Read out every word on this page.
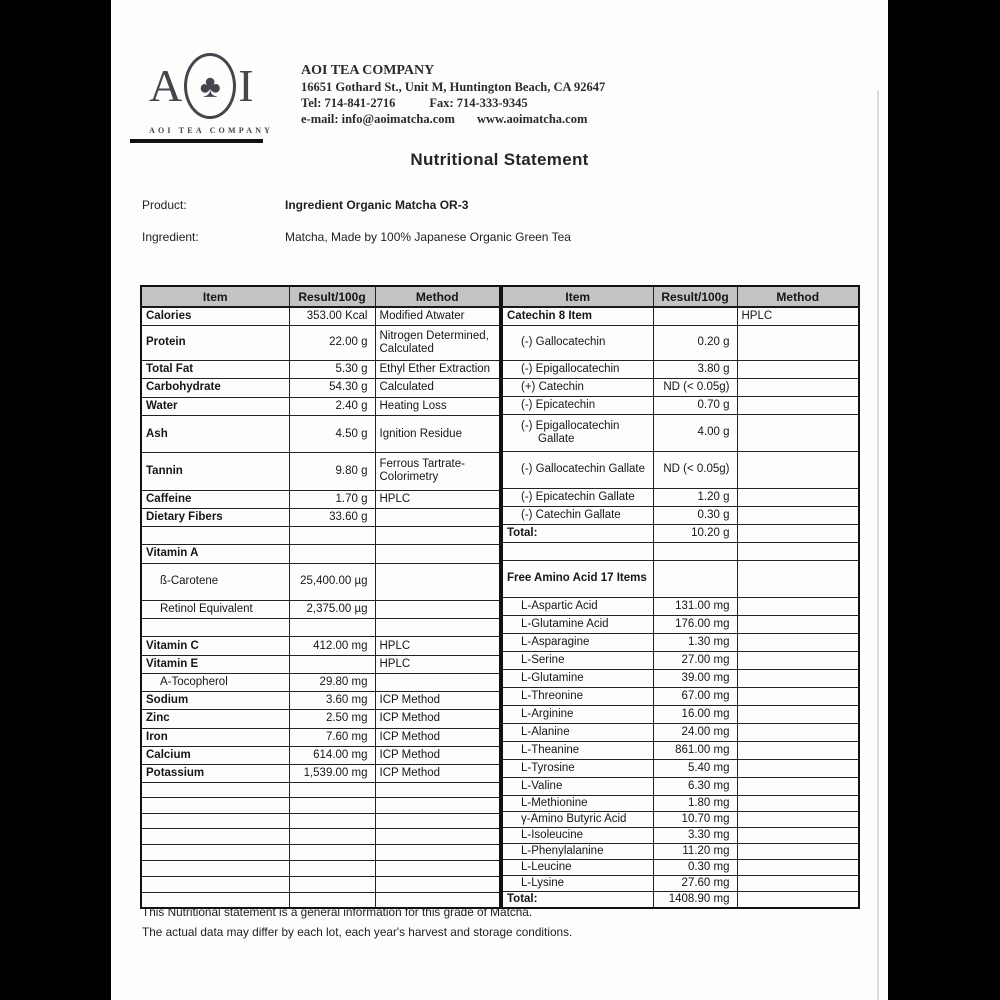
A ♣ I
AOI TEA COMPANY
AOI TEA COMPANY
16651 Gothard St., Unit M, Huntington Beach, CA 92647
Tel: 714-841-2716	Fax: 714-333-9345
e-mail: info@aoimatcha.com www.aoimatcha.com
Nutritional Statement
Product:	Ingredient Organic Matcha OR-3
Ingredient:	Matcha, Made by 100% Japanese Organic Green Tea
Item	Result/100g	Method
Calories	353.00 Kcal	Modified Atwater
Protein	22.00 g	Nitrogen Determined, Calculated
Total Fat	5.30 g	Ethyl Ether Extraction
Carbohydrate	54.30 g	Calculated
Water	2.40 g	Heating Loss
Ash	4.50 g	Ignition Residue
Tannin	9.80 g	Ferrous Tartrate-Colorimetry
Caffeine	1.70 g	HPLC
Dietary Fibers	33.60 g	

Vitamin A		
ß-Carotene	25,400.00 µg	
Retinol Equivalent	2,375.00 µg	

Vitamin C	412.00 mg	HPLC
Vitamin E		HPLC
A-Tocopherol	29.80 mg	
Sodium	3.60 mg	ICP Method
Zinc	2.50 mg	ICP Method
Iron	7.60 mg	ICP Method
Calcium	614.00 mg	ICP Method
Potassium	1,539.00 mg	ICP Method

Item	Result/100g	Method
Catechin 8 Item		HPLC
(-) Gallocatechin	0.20 g	
(-) Epigallocatechin	3.80 g	
(+) Catechin	ND (< 0.05g)	
(-) Epicatechin	0.70 g	
(-) Epigallocatechin Gallate	4.00 g	
(-) Gallocatechin Gallate	ND (< 0.05g)	
(-) Epicatechin Gallate	1.20 g	
(-) Catechin Gallate	0.30 g	
Total:	10.20 g	

Free Amino Acid 17 Items		
L-Aspartic Acid	131.00 mg	
L-Glutamine Acid	176.00 mg	
L-Asparagine	1.30 mg	
L-Serine	27.00 mg	
L-Glutamine	39.00 mg	
L-Threonine	67.00 mg	
L-Arginine	16.00 mg	
L-Alanine	24.00 mg	
L-Theanine	861.00 mg	
L-Tyrosine	5.40 mg	
L-Valine	6.30 mg	
L-Methionine	1.80 mg	
γ-Amino Butyric Acid	10.70 mg	
L-Isoleucine	3.30 mg	
L-Phenylalanine	11.20 mg	
L-Leucine	0.30 mg	
L-Lysine	27.60 mg	
Total:	1408.90 mg	
This Nutritional statement is a general information for this grade of Matcha.
The actual data may differ by each lot, each year's harvest and storage conditions.
